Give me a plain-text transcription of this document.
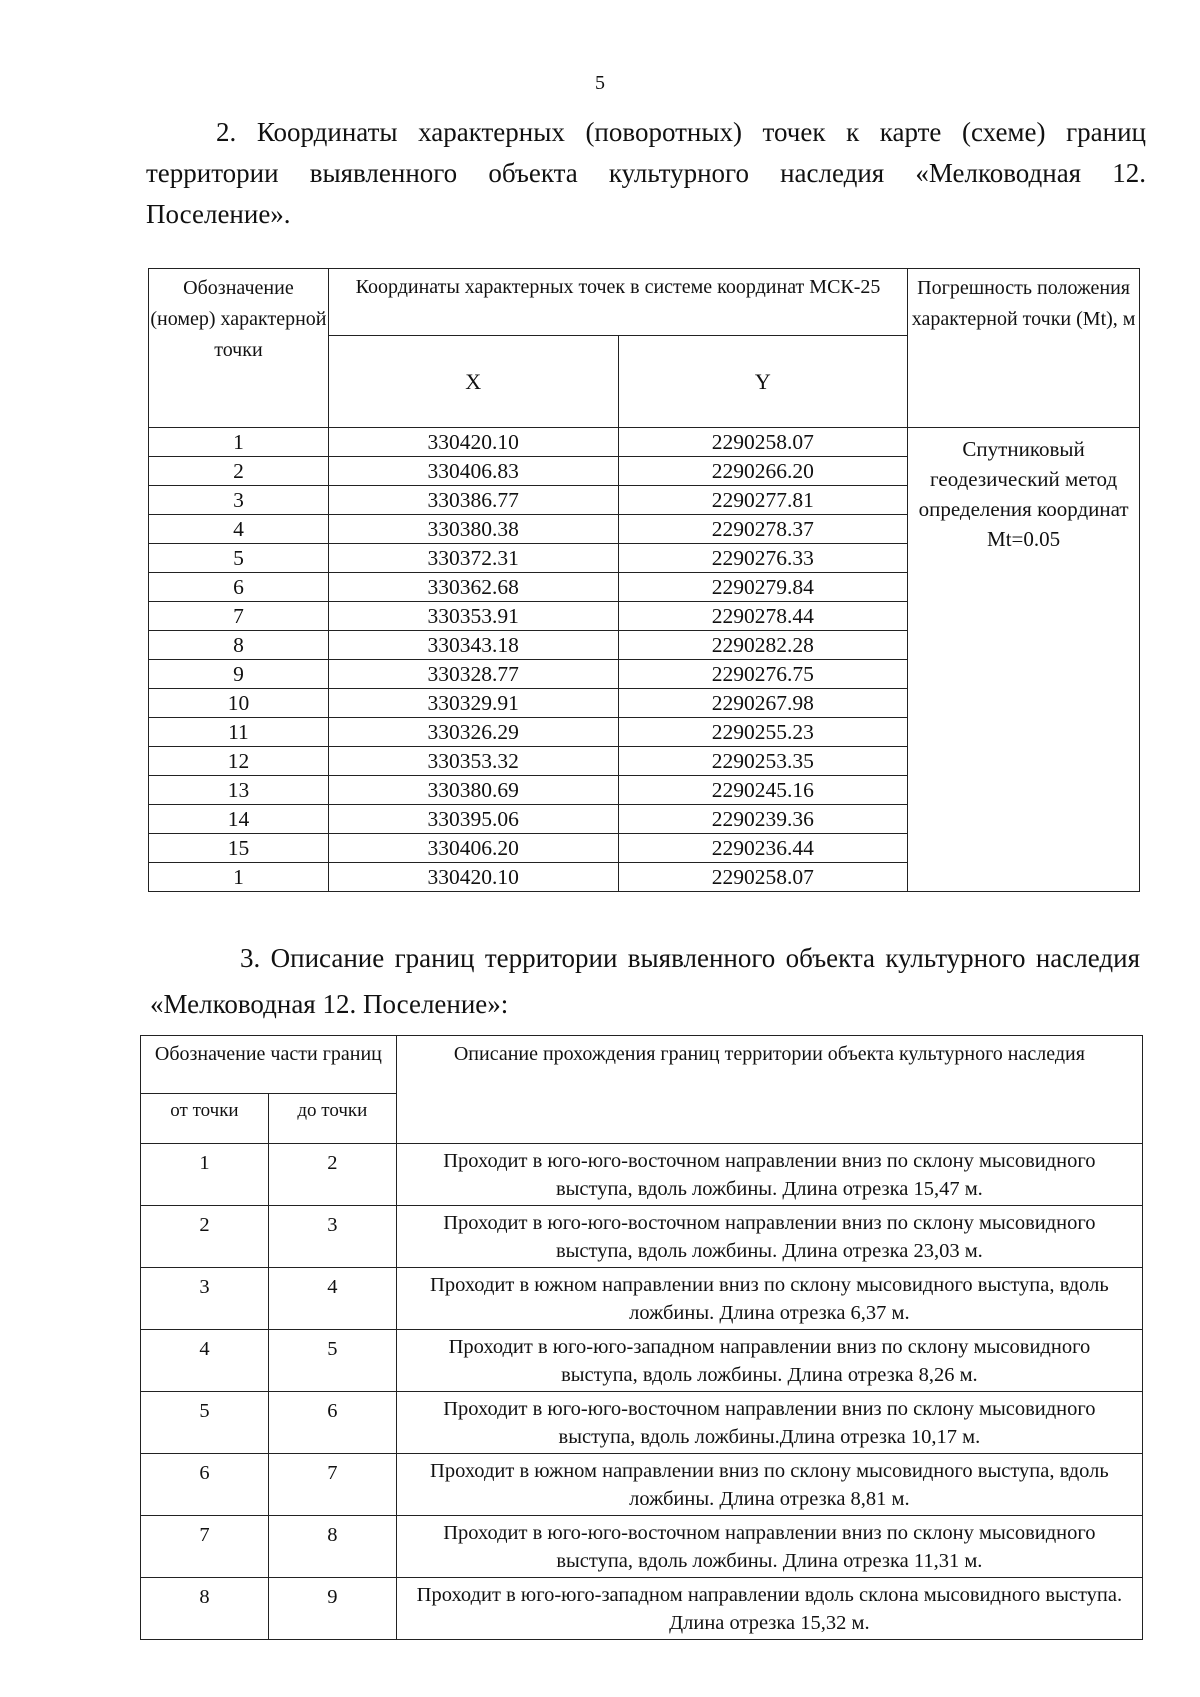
5

2. Координаты характерных (поворотных) точек к карте (схеме) границ территории выявленного объекта культурного наследия «Мелководная 12. Поселение».

Обозначение (номер) характерной точки	Координаты характерных точек в системе координат МСК-25		Погрешность положения характерной точки (Mt), м
	X	Y	
1	330420.10	2290258.07	Спутниковый геодезический метод определения координат Mt=0.05
2	330406.83	2290266.20	
3	330386.77	2290277.81	
4	330380.38	2290278.37	
5	330372.31	2290276.33	
6	330362.68	2290279.84	
7	330353.91	2290278.44	
8	330343.18	2290282.28	
9	330328.77	2290276.75	
10	330329.91	2290267.98	
11	330326.29	2290255.23	
12	330353.32	2290253.35	
13	330380.69	2290245.16	
14	330395.06	2290239.36	
15	330406.20	2290236.44	
1	330420.10	2290258.07	

3. Описание границ территории выявленного объекта культурного наследия «Мелководная 12. Поселение»:

Обозначение части границ		Описание прохождения границ территории объекта культурного наследия
от точки	до точки	
1	2	Проходит в юго-юго-восточном направлении вниз по склону мысовидного выступа, вдоль ложбины. Длина отрезка 15,47 м.
2	3	Проходит в юго-юго-восточном направлении вниз по склону мысовидного выступа, вдоль ложбины. Длина отрезка 23,03 м.
3	4	Проходит в южном направлении вниз по склону мысовидного выступа, вдоль ложбины. Длина отрезка 6,37 м.
4	5	Проходит в юго-юго-западном направлении вниз по склону мысовидного выступа, вдоль ложбины. Длина отрезка 8,26 м.
5	6	Проходит в юго-юго-восточном направлении вниз по склону мысовидного выступа, вдоль ложбины.Длина отрезка 10,17 м.
6	7	Проходит в южном направлении вниз по склону мысовидного выступа, вдоль ложбины. Длина отрезка 8,81 м.
7	8	Проходит в юго-юго-восточном направлении вниз по склону мысовидного выступа, вдоль ложбины. Длина отрезка 11,31 м.
8	9	Проходит в юго-юго-западном направлении вдоль склона мысовидного выступа. Длина отрезка 15,32 м.
